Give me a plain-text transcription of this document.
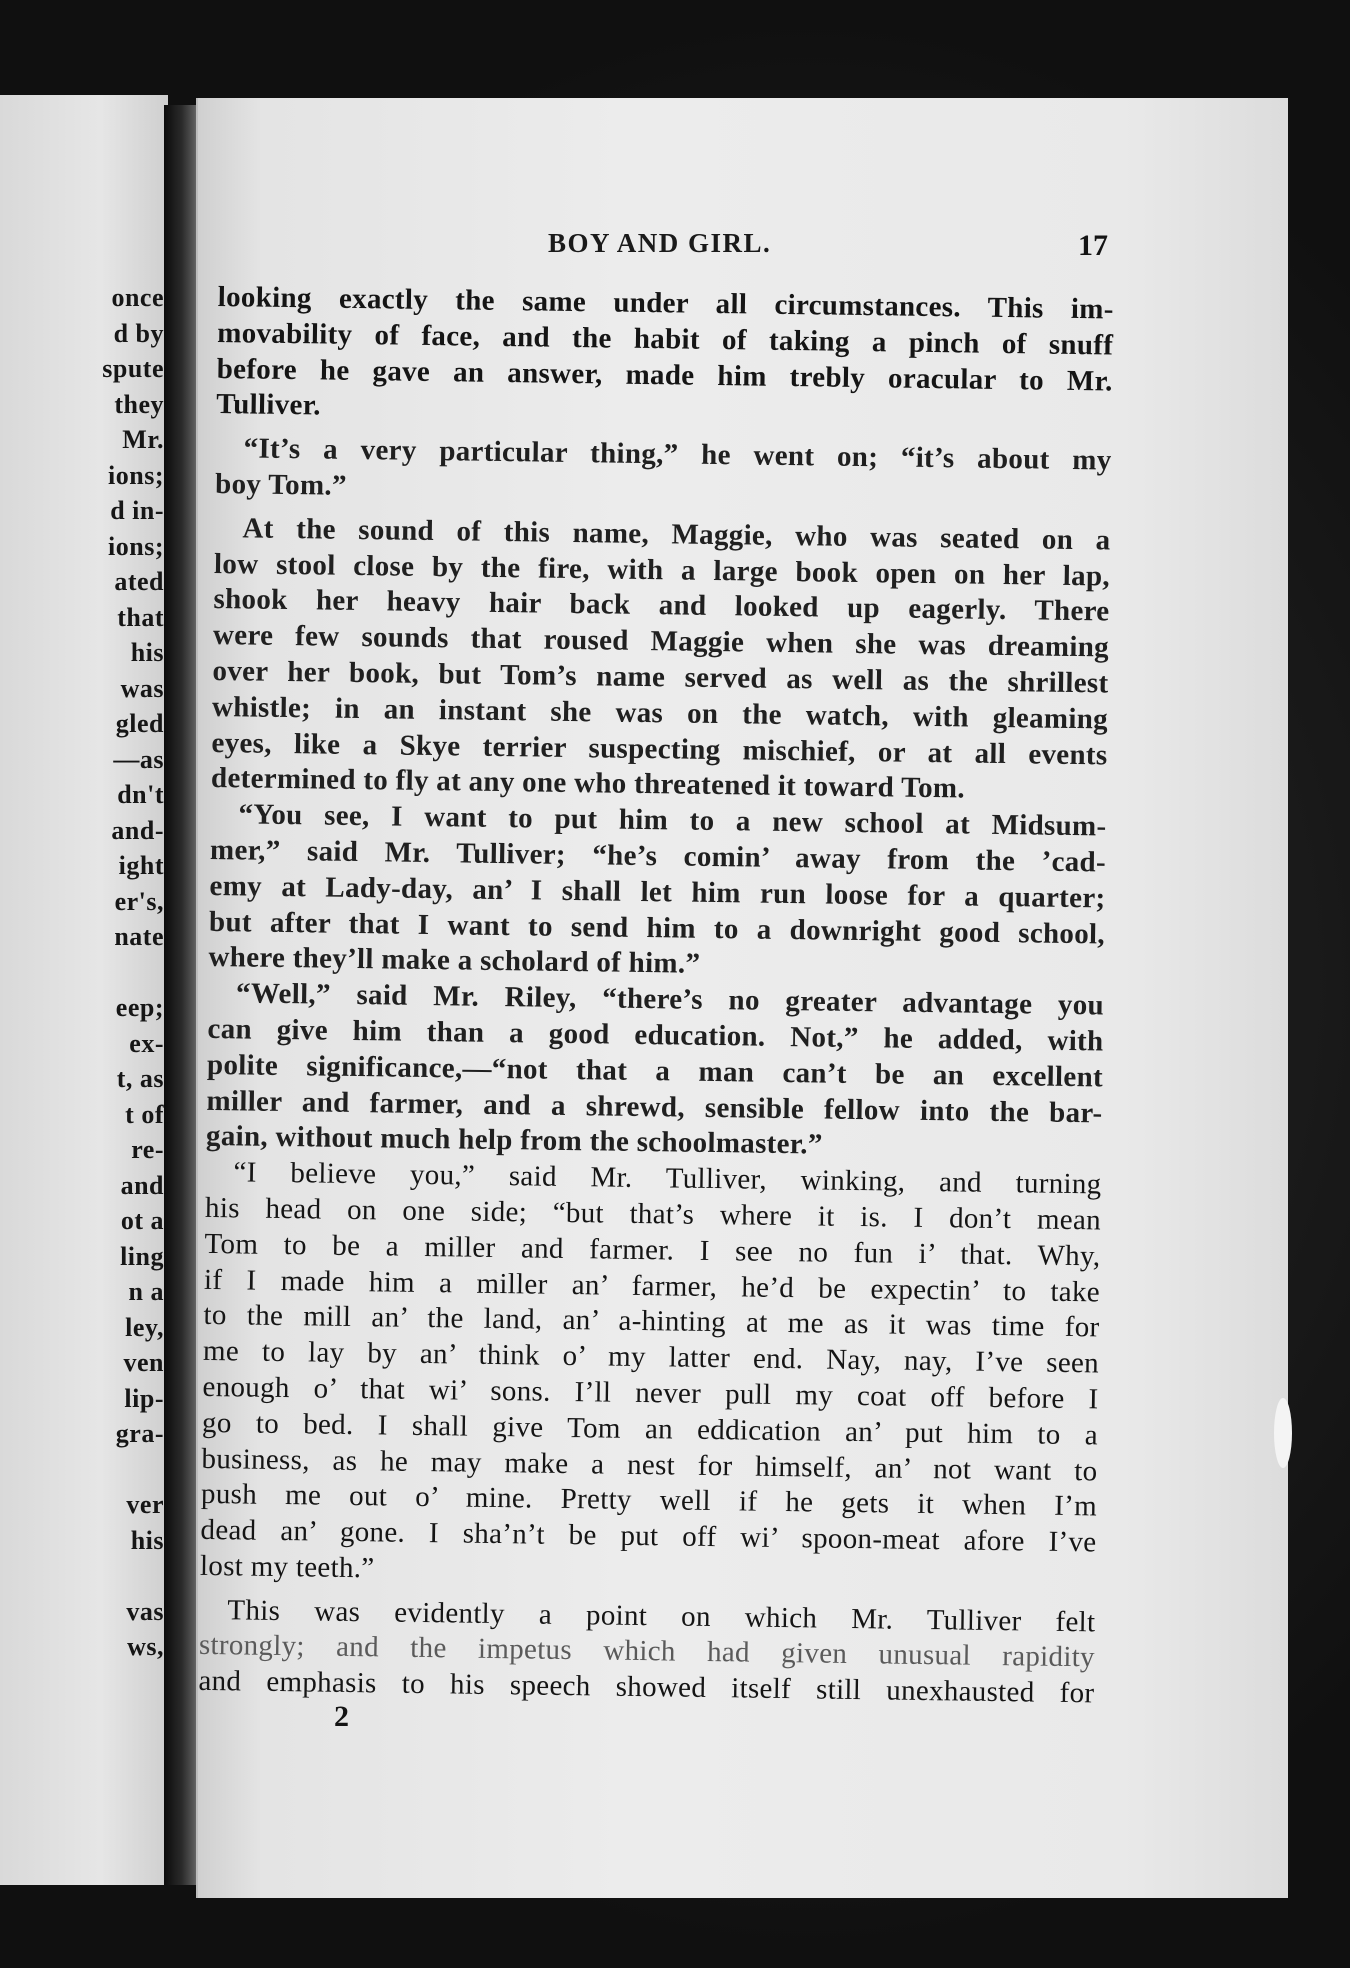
once
d by
spute
they
Mr.
ions;
d in-
ions;
ated
that
his
was
gled
—as
dn't
and-
ight
er's,
nate
eep;
ex-
t, as
t of
re-
and
ot a
ling
n a
ley,
ven
lip-
gra-
ver
his
vas
ws,
BOY AND GIRL.	17
looking exactly the same under all circumstances. This im-
movability of face, and the habit of taking a pinch of snuff
before he gave an answer, made him trebly oracular to Mr.
Tulliver.
“It’s a very particular thing,” he went on; “it’s about my
boy Tom.”
At the sound of this name, Maggie, who was seated on a
low stool close by the fire, with a large book open on her lap,
shook her heavy hair back and looked up eagerly. There
were few sounds that roused Maggie when she was dreaming
over her book, but Tom’s name served as well as the shrillest
whistle; in an instant she was on the watch, with gleaming
eyes, like a Skye terrier suspecting mischief, or at all events
determined to fly at any one who threatened it toward Tom.
“You see, I want to put him to a new school at Midsum-
mer,” said Mr. Tulliver; “he’s comin’ away from the ’cad-
emy at Lady-day, an’ I shall let him run loose for a quarter;
but after that I want to send him to a downright good school,
where they’ll make a scholard of him.”
“Well,” said Mr. Riley, “there’s no greater advantage you
can give him than a good education. Not,” he added, with
polite significance,—“not that a man can’t be an excellent
miller and farmer, and a shrewd, sensible fellow into the bar-
gain, without much help from the schoolmaster.”
“I believe you,” said Mr. Tulliver, winking, and turning
his head on one side; “but that’s where it is. I don’t mean
Tom to be a miller and farmer. I see no fun i’ that. Why,
if I made him a miller an’ farmer, he’d be expectin’ to take
to the mill an’ the land, an’ a-hinting at me as it was time for
me to lay by an’ think o’ my latter end. Nay, nay, I’ve seen
enough o’ that wi’ sons. I’ll never pull my coat off before I
go to bed. I shall give Tom an eddication an’ put him to a
business, as he may make a nest for himself, an’ not want to
push me out o’ mine. Pretty well if he gets it when I’m
dead an’ gone. I sha’n’t be put off wi’ spoon-meat afore I’ve
lost my teeth.”
This was evidently a point on which Mr. Tulliver felt
strongly; and the impetus which had given unusual rapidity
and emphasis to his speech showed itself still unexhausted for
2
